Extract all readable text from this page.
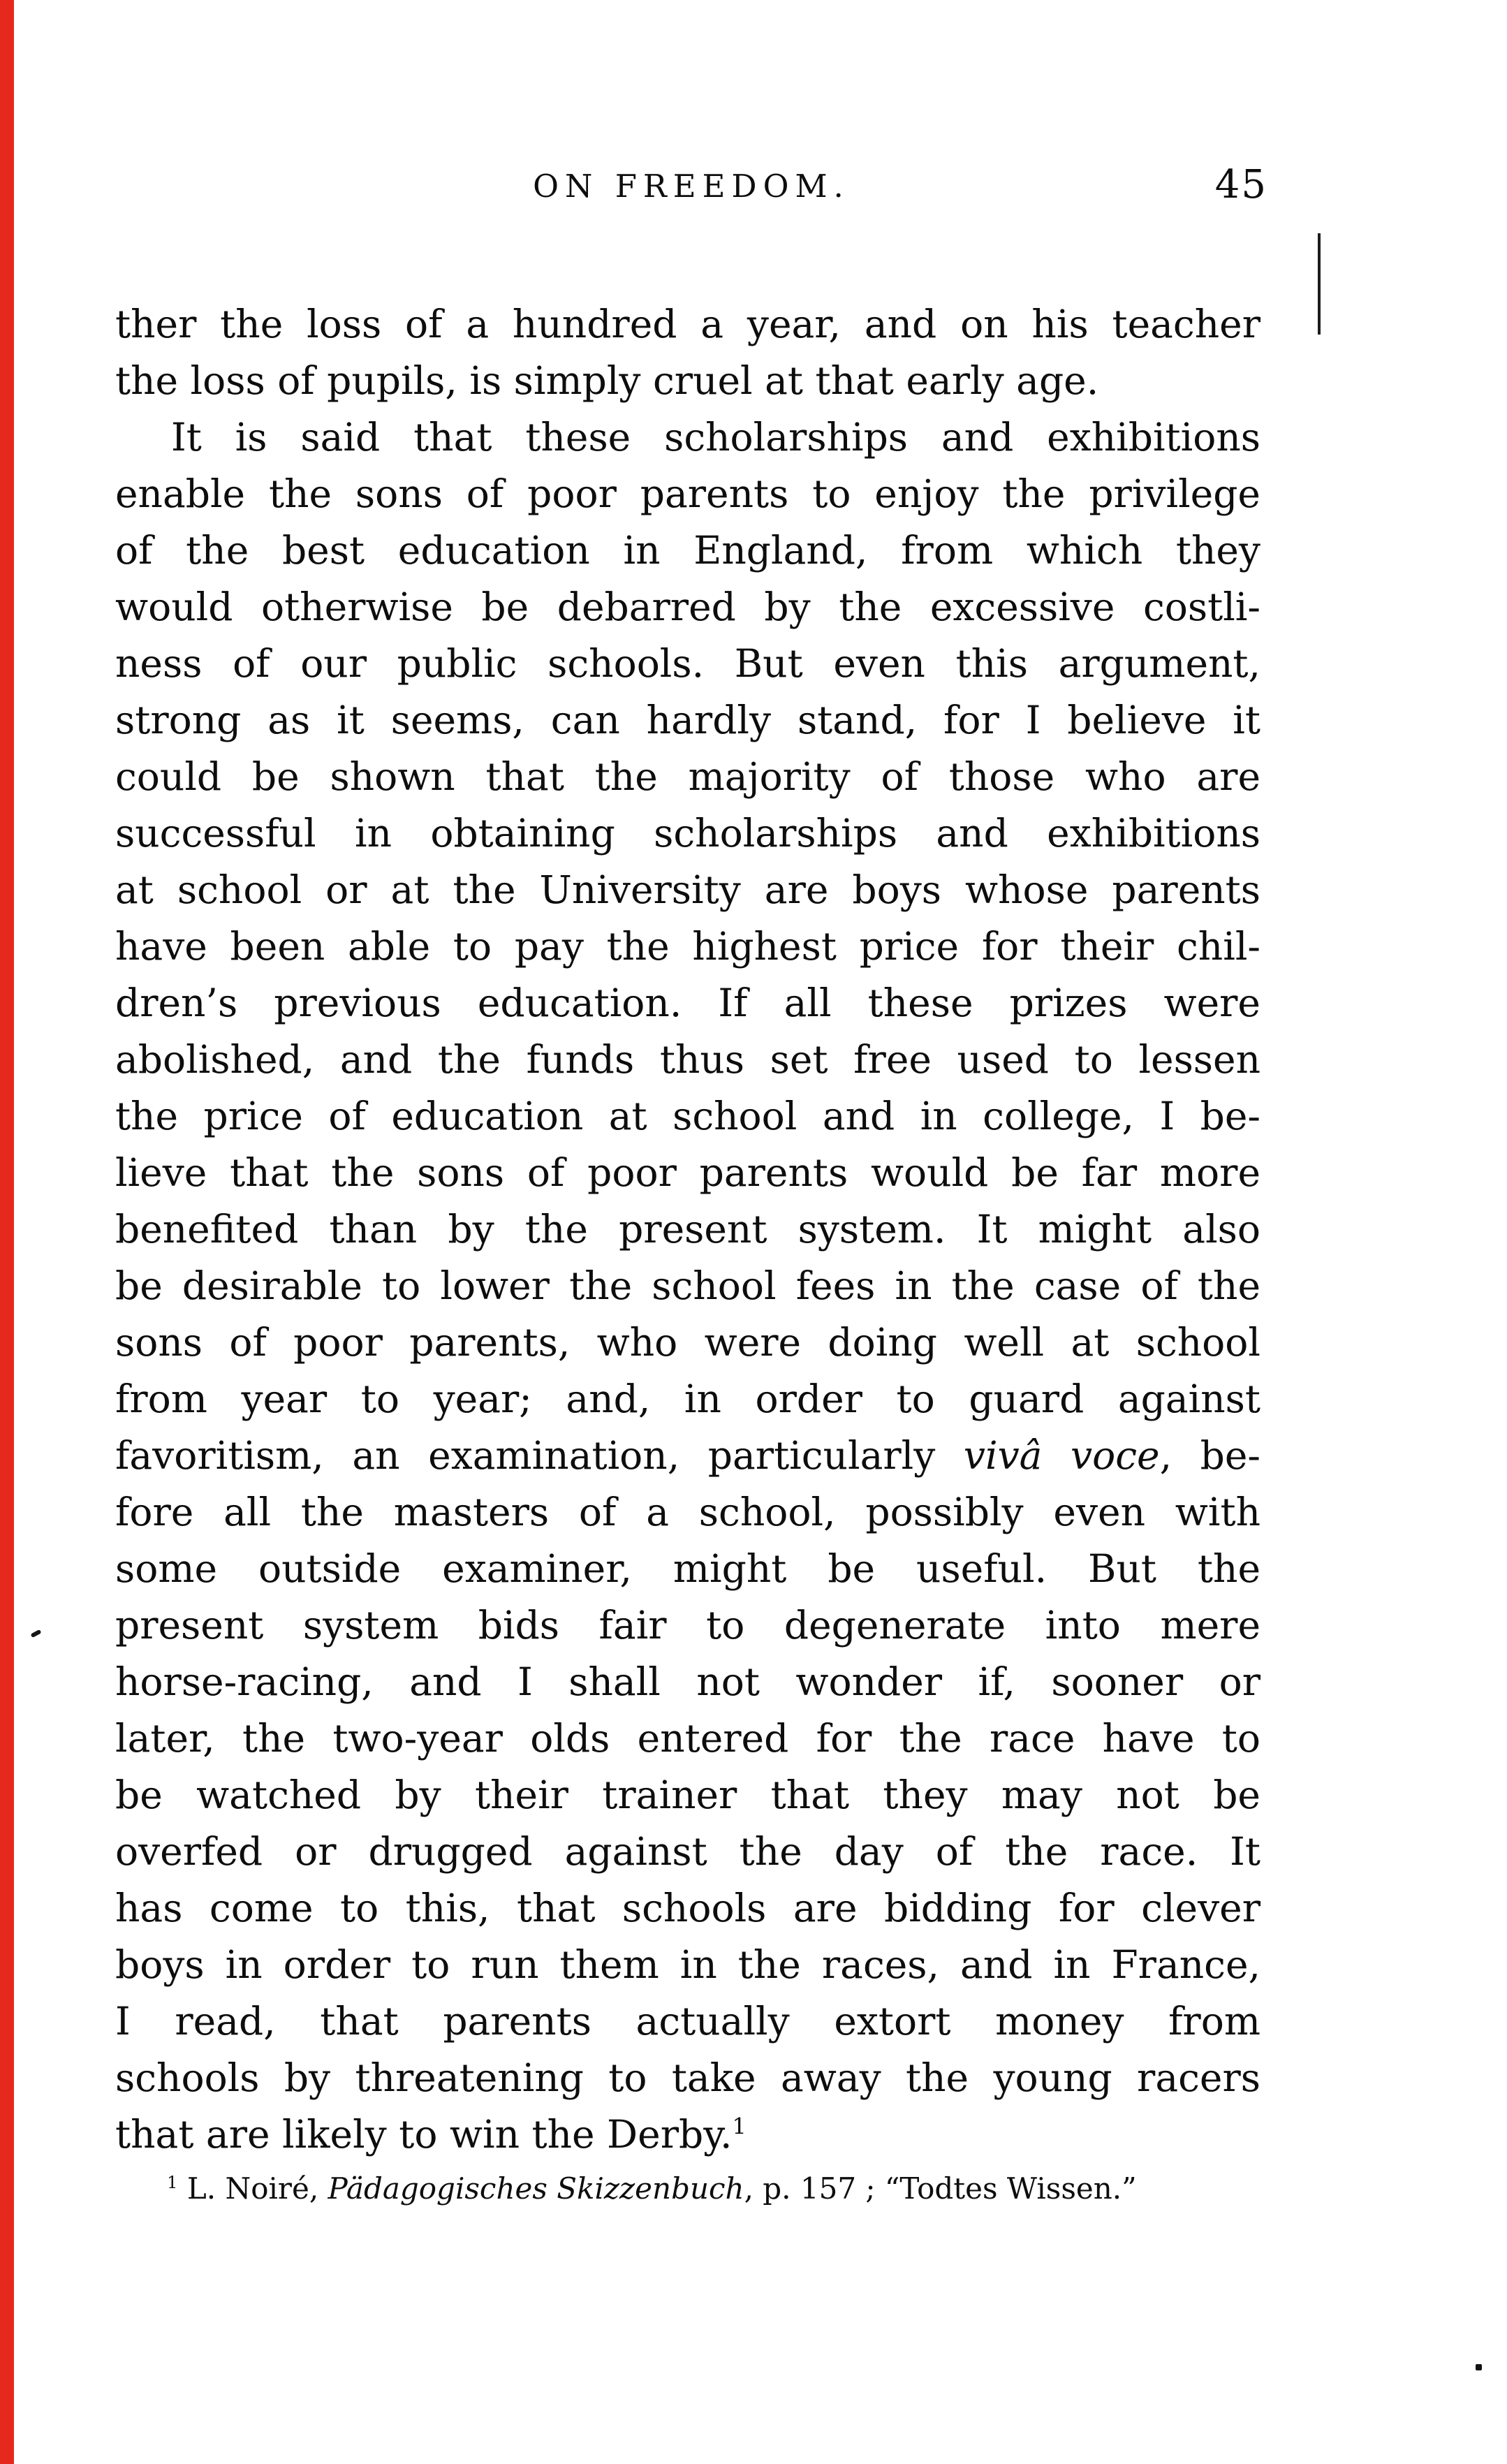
ON FREEDOM.	45
ther the loss of a hundred a year, and on his teacher
the loss of pupils, is simply cruel at that early age.
It is said that these scholarships and exhibitions
enable the sons of poor parents to enjoy the privilege
of the best education in England, from which they
would otherwise be debarred by the excessive costli-
ness of our public schools. But even this argument,
strong as it seems, can hardly stand, for I believe it
could be shown that the majority of those who are
successful in obtaining scholarships and exhibitions
at school or at the University are boys whose parents
have been able to pay the highest price for their chil-
dren’s previous education. If all these prizes were
abolished, and the funds thus set free used to lessen
the price of education at school and in college, I be-
lieve that the sons of poor parents would be far more
benefited than by the present system. It might also
be desirable to lower the school fees in the case of the
sons of poor parents, who were doing well at school
from year to year; and, in order to guard against
favoritism, an examination, particularly vivâ voce, be-
fore all the masters of a school, possibly even with
some outside examiner, might be useful. But the
present system bids fair to degenerate into mere
horse-racing, and I shall not wonder if, sooner or
later, the two-year olds entered for the race have to
be watched by their trainer that they may not be
overfed or drugged against the day of the race. It
has come to this, that schools are bidding for clever
boys in order to run them in the races, and in France,
I read, that parents actually extort money from
schools by threatening to take away the young racers
that are likely to win the Derby.$^1$
$^1$ L. Noiré, Pädagogisches Skizzenbuch, p. 157 ; “Todtes Wissen.”
